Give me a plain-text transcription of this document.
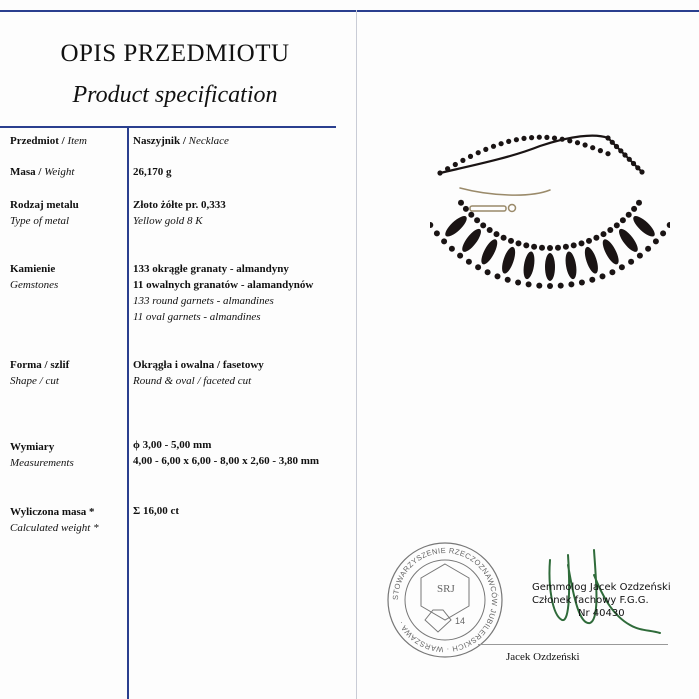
OPIS PRZEDMIOTU
Product specification
Przedmiot / Item	Naszyjnik / Necklace
Masa / Weight	26,170 g
Rodzaj metalu
Type of metal
Złoto żółte pr. 0,333
Yellow gold 8 K
Kamienie
Gemstones
133 okrągłe granaty - almandyny
11 owalnych granatów - alamandynów
133 round garnets - almandines
11 oval garnets - almandines
Forma / szlif
Shape / cut
Okrągła i owalna / fasetowy
Round & oval / faceted cut
Wymiary
Measurements
ϕ 3,00 - 5,00 mm
4,00 - 6,00 x 6,00 - 8,00 x 2,60 - 3,80 mm
Wyliczona masa *
Calculated weight *
Σ 16,00 ct
STOWARZYSZENIE RZECZOZNAWCÓW JUBILERSKICH · WARSZAWA ·
SRJ
14
Gemmolog Jacek Ozdzeński
Członek fachowy F.G.G.
Nr 40430
Jacek Ozdzeński
